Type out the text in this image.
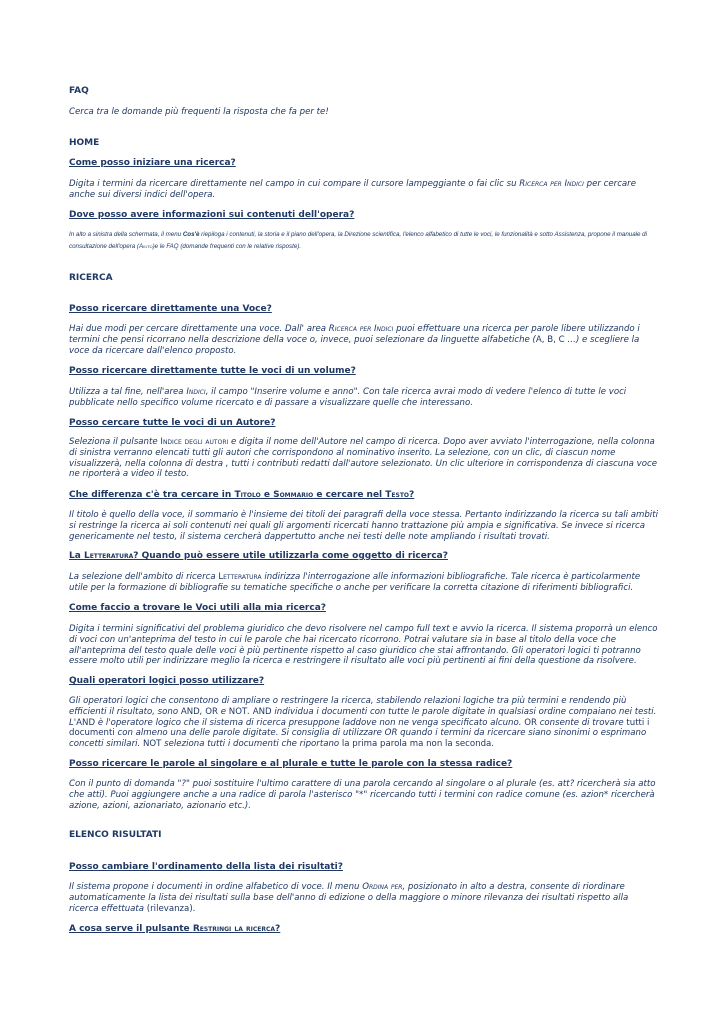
FAQ

Cerca tra le domande più frequenti la risposta che fa per te!

HOME

Come posso iniziare una ricerca?

Digita i termini da ricercare direttamente nel campo in cui compare il cursore lampeggiante o fai clic su Ricerca per Indici per cercare anche sui diversi indici dell'opera.

Dove posso avere informazioni sui contenuti dell'opera?

In alto a sinistra della schermata, il menu Cos'è riepiloga i contenuti, la storia e il piano dell'opera, la Direzione scientifica, l'elenco alfabetico di tutte le voci, le funzionalità e sotto Assistenza, propone il manuale di consultazione dell'opera (Aiuto)e le FAQ (domande frequenti con le relative risposte).

RICERCA

Posso ricercare direttamente una Voce?

Hai due modi per cercare direttamente una voce. Dall' area Ricerca per Indici puoi effettuare una ricerca per parole libere utilizzando i termini che pensi ricorrano nella descrizione della voce o, invece, puoi selezionare da linguette alfabetiche (A, B, C …) e scegliere la voce da ricercare dall'elenco proposto.

Posso ricercare direttamente tutte le voci di un volume?

Utilizza a tal fine, nell'area Indici, il campo "Inserire volume e anno". Con tale ricerca avrai modo di vedere l'elenco di tutte le voci pubblicate nello specifico volume ricercato e di passare a visualizzare quelle che interessano.

Posso cercare tutte le voci di un Autore?

Seleziona il pulsante Indice degli autori e digita il nome dell'Autore nel campo di ricerca. Dopo aver avviato l'interrogazione, nella colonna di sinistra verranno elencati tutti gli autori che corrispondono al nominativo inserito. La selezione, con un clic, di ciascun nome visualizzerà, nella colonna di destra , tutti i contributi redatti dall'autore selezionato. Un clic ulteriore in corrispondenza di ciascuna voce ne riporterà a video il testo.

Che differenza c'è tra cercare in Titolo e Sommario e cercare nel Testo?

Il titolo è quello della voce, il sommario è l'insieme dei titoli dei paragrafi della voce stessa. Pertanto indirizzando la ricerca su tali ambiti si restringe la ricerca ai soli contenuti nei quali gli argomenti ricercati hanno trattazione più ampia e significativa. Se invece si ricerca genericamente nel testo, il sistema cercherà dappertutto anche nei testi delle note ampliando i risultati trovati.

La Letteratura? Quando può essere utile utilizzarla come oggetto di ricerca?

La selezione dell'ambito di ricerca Letteratura indirizza l'interrogazione alle informazioni bibliografiche. Tale ricerca è particolarmente utile per la formazione di bibliografie su tematiche specifiche o anche per verificare la corretta citazione di riferimenti bibliografici.

Come faccio a trovare le Voci utili alla mia ricerca?

Digita i termini significativi del problema giuridico che devo risolvere nel campo full text e avvio la ricerca. Il sistema proporrà un elenco di voci con un'anteprima del testo in cui le parole che hai ricercato ricorrono. Potrai valutare sia in base al titolo della voce che all'anteprima del testo quale delle voci è più pertinente rispetto al caso giuridico che stai affrontando. Gli operatori logici ti potranno essere molto utili per indirizzare meglio la ricerca e restringere il risultato alle voci più pertinenti ai fini della questione da risolvere.

Quali operatori logici posso utilizzare?

Gli operatori logici che consentono di ampliare o restringere la ricerca, stabilendo relazioni logiche tra più termini e rendendo più efficienti il risultato, sono AND, OR e NOT. AND individua i documenti con tutte le parole digitate in qualsiasi ordine compaiano nei testi. L'AND è l'operatore logico che il sistema di ricerca presuppone laddove non ne venga specificato alcuno. OR consente di trovare tutti i documenti con almeno una delle parole digitate. Si consiglia di utilizzare OR quando i termini da ricercare siano sinonimi o esprimano concetti similari. NOT seleziona tutti i documenti che riportano la prima parola ma non la seconda.

Posso ricercare le parole al singolare e al plurale e tutte le parole con la stessa radice?

Con il punto di domanda "?" puoi sostituire l'ultimo carattere di una parola cercando al singolare o al plurale (es. att? ricercherà sia atto che atti). Puoi aggiungere anche a una radice di parola l'asterisco "*" ricercando tutti i termini con radice comune (es. azion* ricercherà azione, azioni, azionariato, azionario etc.).

ELENCO RISULTATI

Posso cambiare l'ordinamento della lista dei risultati?

Il sistema propone i documenti in ordine alfabetico di voce. Il menu Ordina per, posizionato in alto a destra, consente di riordinare automaticamente la lista dei risultati sulla base dell'anno di edizione o della maggiore o minore rilevanza dei risultati rispetto alla ricerca effettuata (rilevanza).

A cosa serve il pulsante Restringi la ricerca?
